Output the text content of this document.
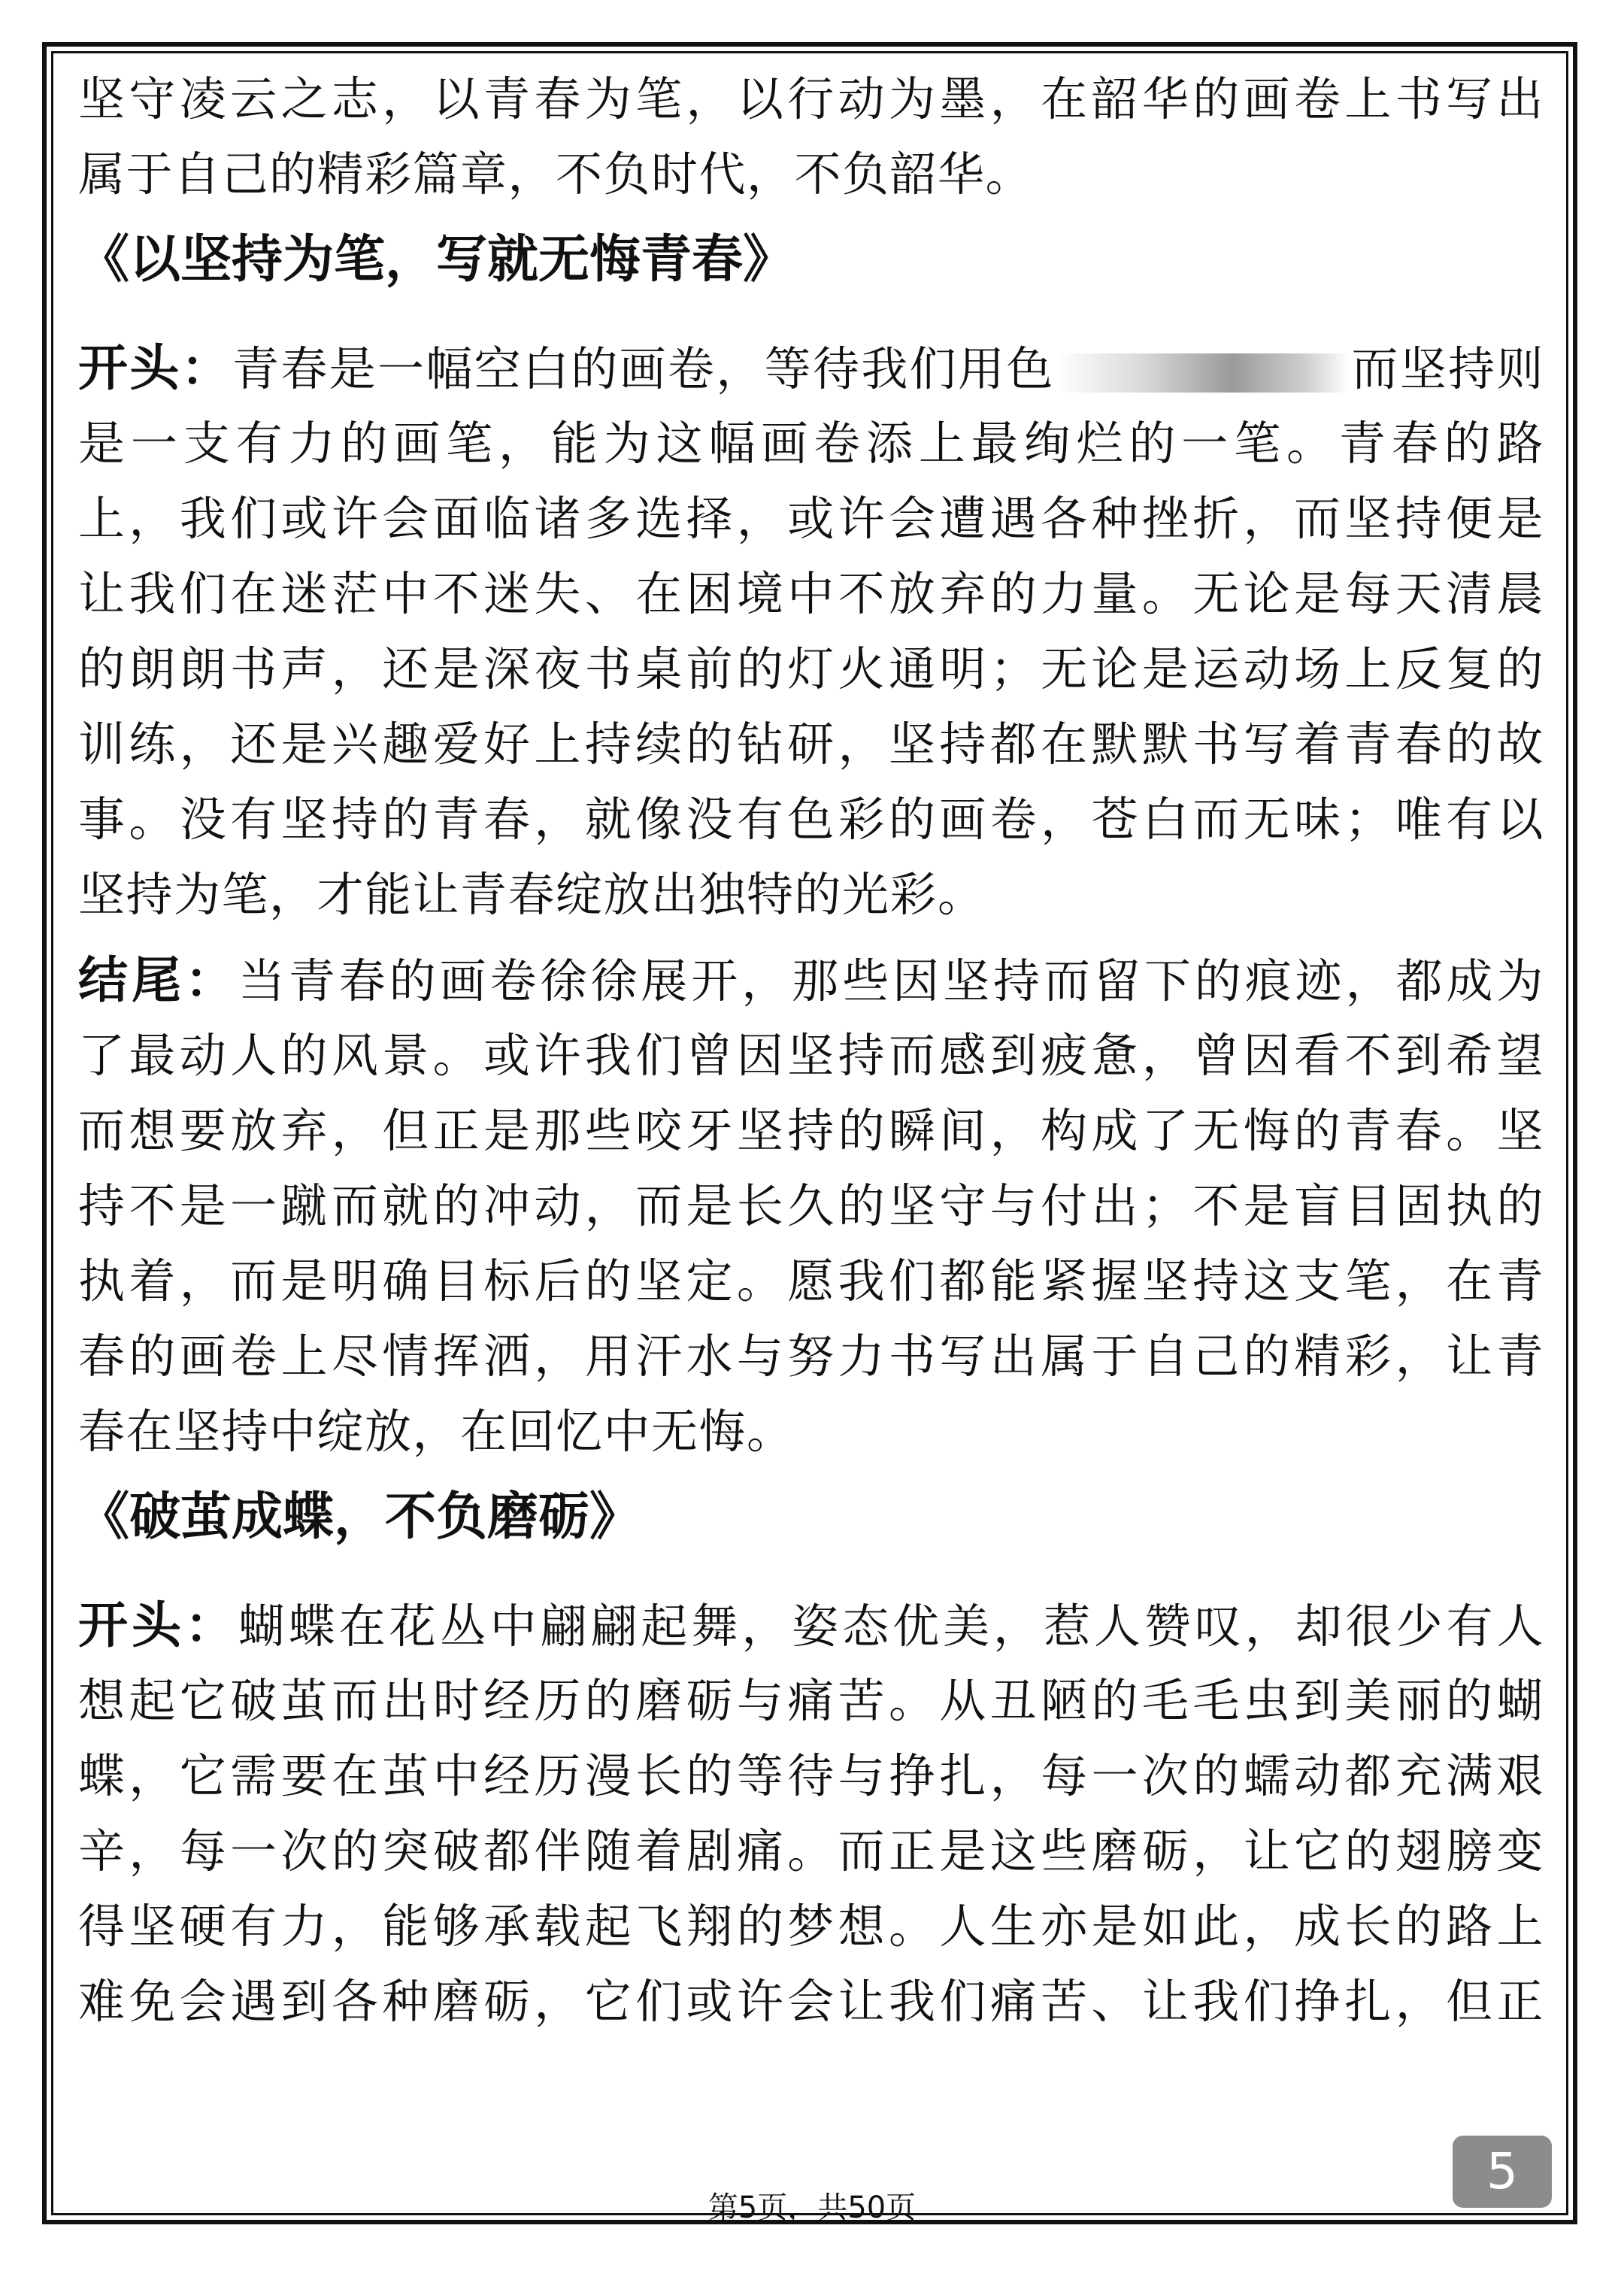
坚守凌云之志，以青春为笔，以行动为墨，在韶华的画卷上书写出
属于自己的精彩篇章，不负时代，不负韶华。
《以坚持为笔，写就无悔青春》
开头：青春是一幅空白的画卷，等待我们用色	而坚持则
是一支有力的画笔，能为这幅画卷添上最绚烂的一笔。青春的路
上，我们或许会面临诸多选择，或许会遭遇各种挫折，而坚持便是
让我们在迷茫中不迷失、在困境中不放弃的力量。无论是每天清晨
的朗朗书声，还是深夜书桌前的灯火通明；无论是运动场上反复的
训练，还是兴趣爱好上持续的钻研，坚持都在默默书写着青春的故
事。没有坚持的青春，就像没有色彩的画卷，苍白而无味；唯有以
坚持为笔，才能让青春绽放出独特的光彩。
结尾：当青春的画卷徐徐展开，那些因坚持而留下的痕迹，都成为
了最动人的风景。或许我们曾因坚持而感到疲惫，曾因看不到希望
而想要放弃，但正是那些咬牙坚持的瞬间，构成了无悔的青春。坚
持不是一蹴而就的冲动，而是长久的坚守与付出；不是盲目固执的
执着，而是明确目标后的坚定。愿我们都能紧握坚持这支笔，在青
春的画卷上尽情挥洒，用汗水与努力书写出属于自己的精彩，让青
春在坚持中绽放，在回忆中无悔。
《破茧成蝶，不负磨砺》
开头：蝴蝶在花丛中翩翩起舞，姿态优美，惹人赞叹，却很少有人
想起它破茧而出时经历的磨砺与痛苦。从丑陋的毛毛虫到美丽的蝴
蝶，它需要在茧中经历漫长的等待与挣扎，每一次的蠕动都充满艰
辛，每一次的突破都伴随着剧痛。而正是这些磨砺，让它的翅膀变
得坚硬有力，能够承载起飞翔的梦想。人生亦是如此，成长的路上
难免会遇到各种磨砺，它们或许会让我们痛苦、让我们挣扎，但正
5
第5页，共50页
